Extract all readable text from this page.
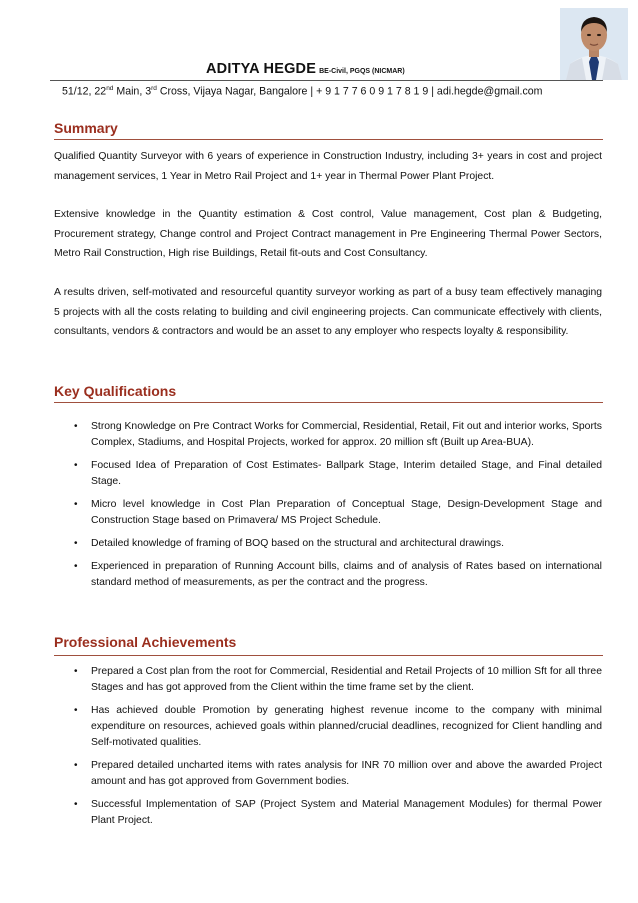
ADITYA HEGDE BE-Civil, PGQS (NICMAR)
51/12, 22nd Main, 3rd Cross, Vijaya Nagar, Bangalore | + 9 1 7 7 6 0 9 1 7 8 1 9 | adi.hegde@gmail.com
Summary

Qualified Quantity Surveyor with 6 years of experience in Construction Industry, including 3+ years in cost and project management services, 1 Year in Metro Rail Project and 1+ year in Thermal Power Plant Project.

Extensive knowledge in the Quantity estimation & Cost control, Value management, Cost plan & Budgeting, Procurement strategy, Change control and Project Contract management in Pre Engineering Thermal Power Sectors, Metro Rail Construction, High rise Buildings, Retail fit-outs and Cost Consultancy.

A results driven, self-motivated and resourceful quantity surveyor working as part of a busy team effectively managing 5 projects with all the costs relating to building and civil engineering projects. Can communicate effectively with clients, consultants, vendors & contractors and would be an asset to any employer who respects loyalty & responsibility.

Key Qualifications
• Strong Knowledge on Pre Contract Works for Commercial, Residential, Retail, Fit out and interior works, Sports Complex, Stadiums, and Hospital Projects, worked for approx. 20 million sft (Built up Area-BUA).
• Focused Idea of Preparation of Cost Estimates- Ballpark Stage, Interim detailed Stage, and Final detailed Stage.
• Micro level knowledge in Cost Plan Preparation of Conceptual Stage, Design-Development Stage and Construction Stage based on Primavera/ MS Project Schedule.
• Detailed knowledge of framing of BOQ based on the structural and architectural drawings.
• Experienced in preparation of Running Account bills, claims and of analysis of Rates based on international standard method of measurements, as per the contract and the progress.
Professional Achievements
• Prepared a Cost plan from the root for Commercial, Residential and Retail Projects of 10 million Sft for all three Stages and has got approved from the Client within the time frame set by the client.
• Has achieved double Promotion by generating highest revenue income to the company with minimal expenditure on resources, achieved goals within planned/crucial deadlines, recognized for Client handling and Self-motivated qualities.
• Prepared detailed uncharted items with rates analysis for INR 70 million over and above the awarded Project amount and has got approved from Government bodies.
• Successful Implementation of SAP (Project System and Material Management Modules) for thermal Power Plant Project.
